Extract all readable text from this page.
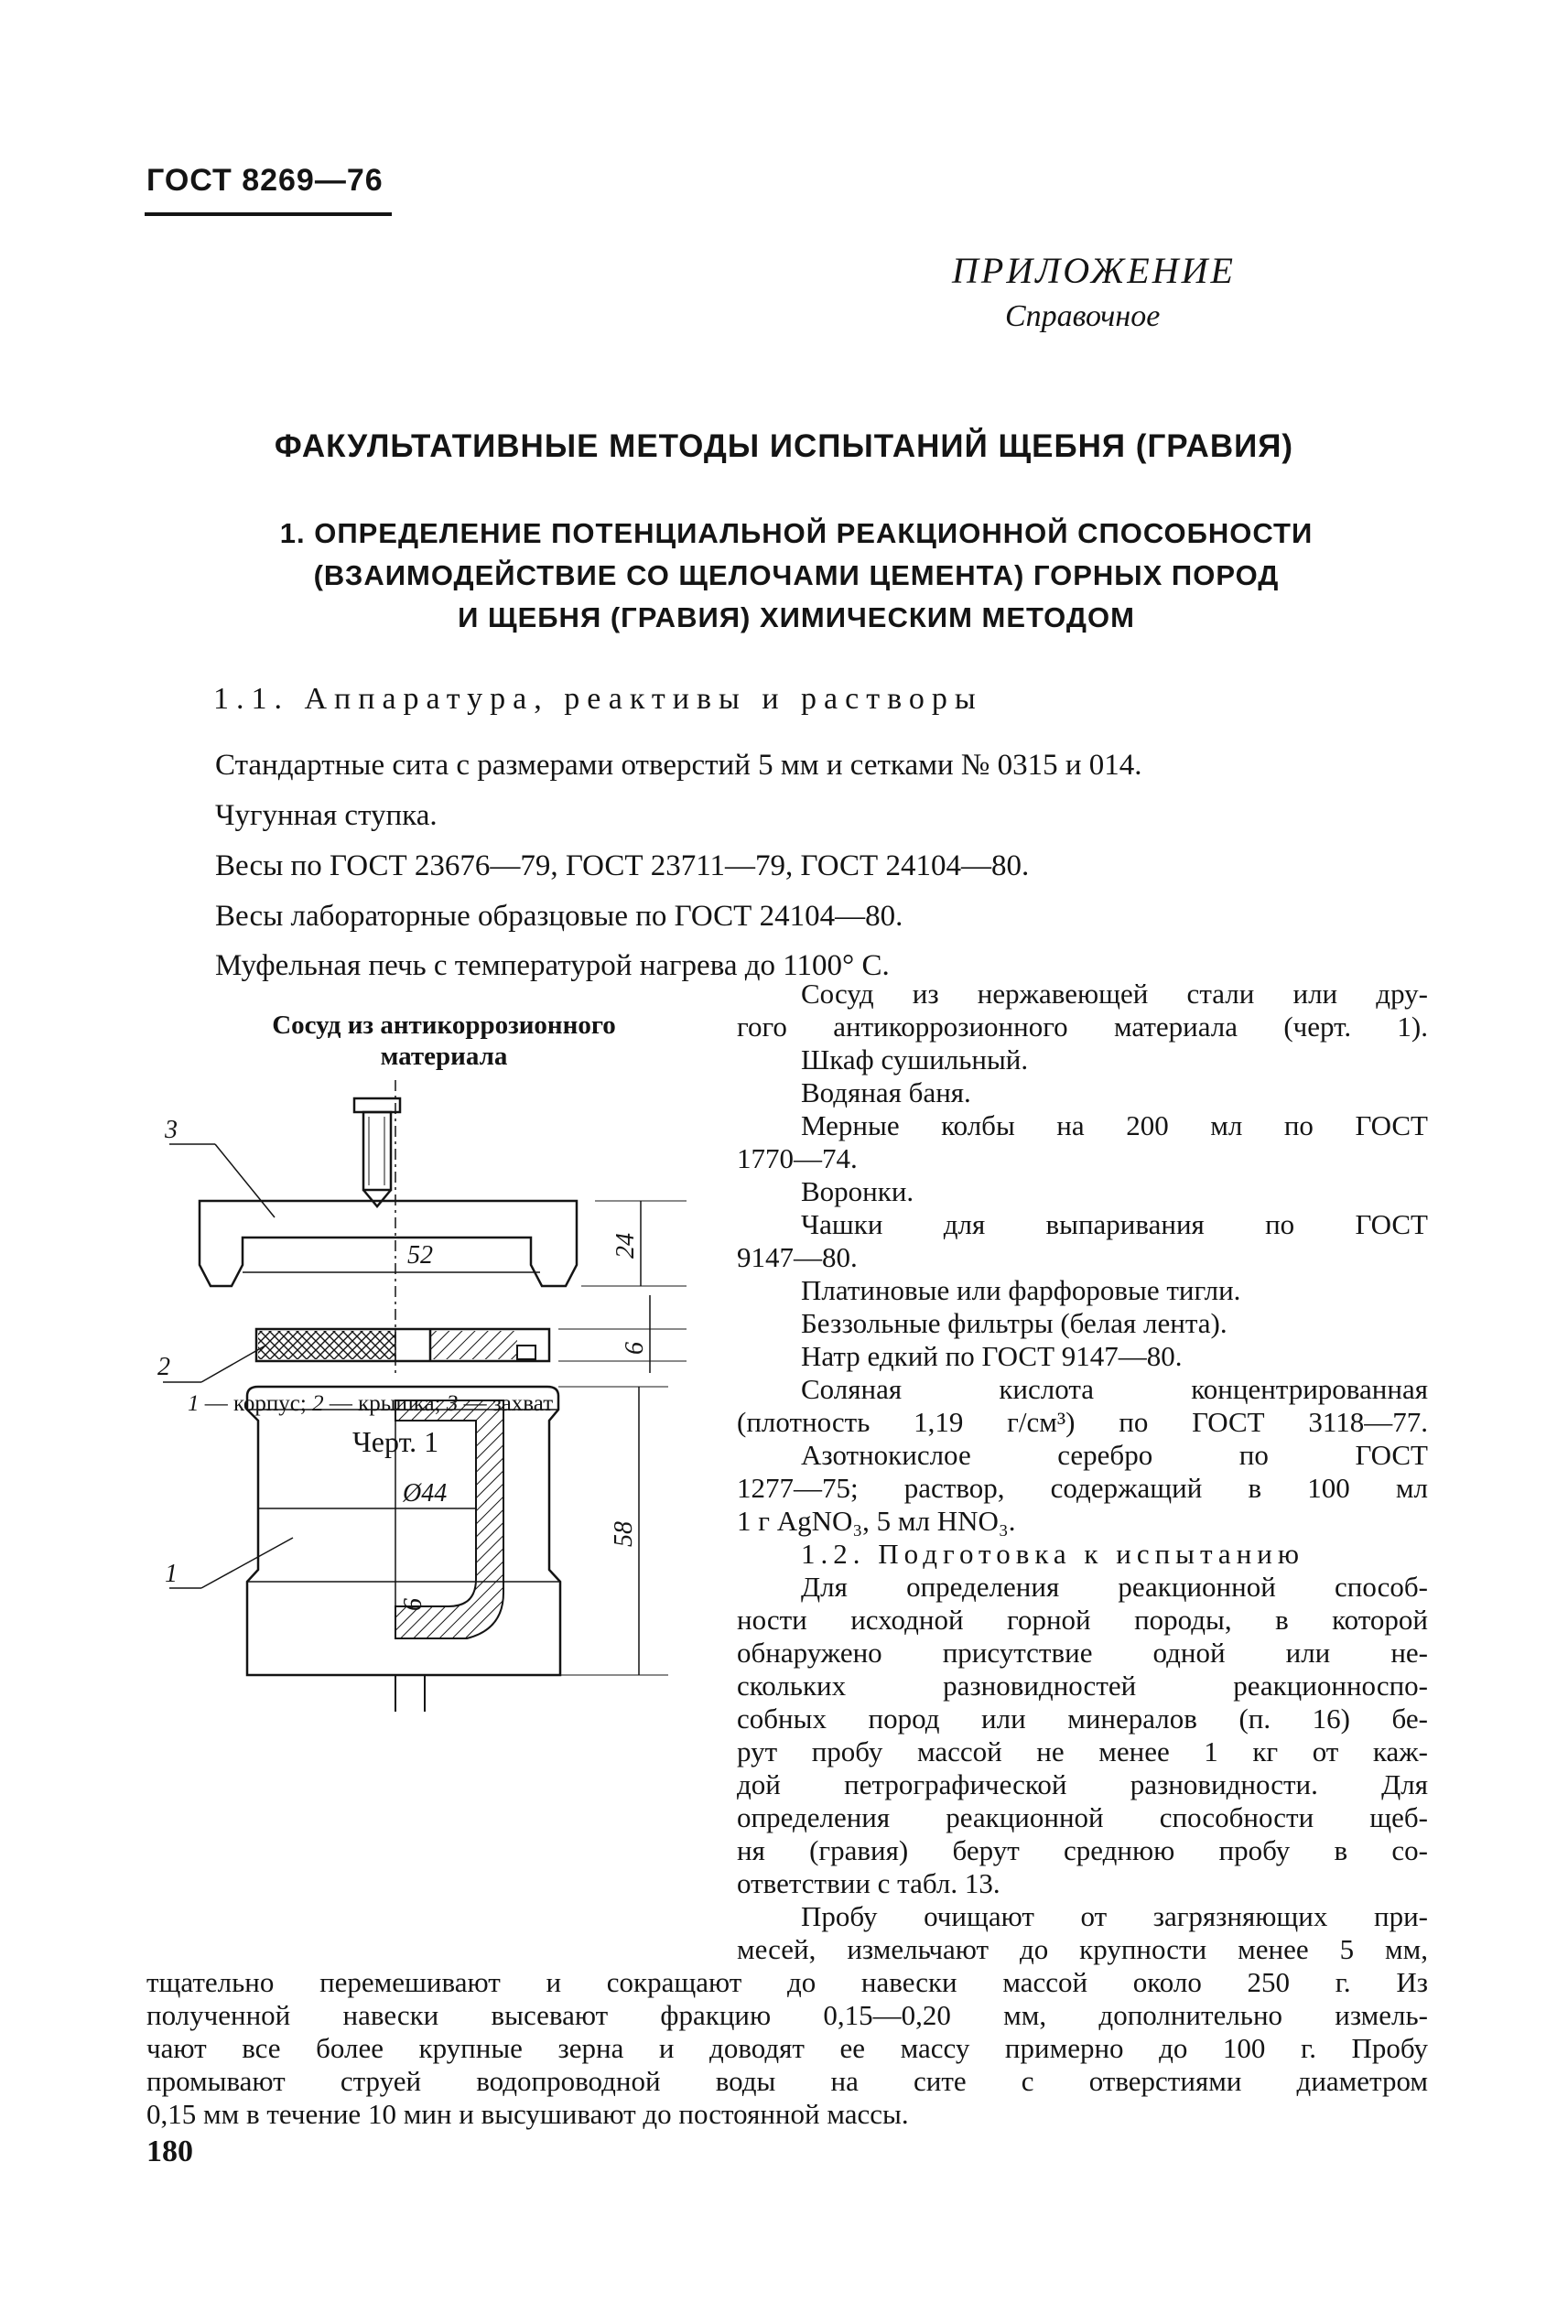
ГОСТ 8269—76
ПРИЛОЖЕНИЕ
Справочное
ФАКУЛЬТАТИВНЫЕ МЕТОДЫ ИСПЫТАНИЙ ЩЕБНЯ (ГРАВИЯ)
1. ОПРЕДЕЛЕНИЕ ПОТЕНЦИАЛЬНОЙ РЕАКЦИОННОЙ СПОСОБНОСТИ
(ВЗАИМОДЕЙСТВИЕ СО ЩЕЛОЧАМИ ЦЕМЕНТА) ГОРНЫХ ПОРОД
И ЩЕБНЯ (ГРАВИЯ) ХИМИЧЕСКИМ МЕТОДОМ
1.1. Аппаратура, реактивы и растворы
Стандартные сита с размерами отверстий 5 мм и сетками № 0315 и 014.
Чугунная ступка.
Весы по ГОСТ 23676—79, ГОСТ 23711—79, ГОСТ 24104—80.
Весы лабораторные образцовые по ГОСТ 24104—80.
Муфельная печь с температурой нагрева до 1100° С.
Сосуд из антикоррозионного
материала
3
2
52	24
6
Ø44
58
6
1
1 — корпус; 2 — крышка; 3 — захват
Черт. 1
Сосуд из нержавеющей стали или дру-
гого антикоррозионного материала (черт. 1).
Шкаф сушильный.
Водяная баня.
Мерные колбы на 200 мл по ГОСТ
1770—74.
Воронки.
Чашки для выпаривания по ГОСТ
9147—80.
Платиновые или фарфоровые тигли.
Беззольные фильтры (белая лента).
Натр едкий по ГОСТ 9147—80.
Соляная кислота концентрированная
(плотность 1,19 г/см³) по ГОСТ 3118—77.
Азотнокислое серебро по ГОСТ
1277—75; раствор, содержащий в 100 мл
1 г AgNO₃, 5 мл HNO₃.
1.2. Подготовка к испытанию
Для определения реакционной способ-
ности исходной горной породы, в которой
обнаружено присутствие одной или не-
скольких разновидностей реакционноспо-
собных пород или минералов (п. 16) бе-
рут пробу массой не менее 1 кг от каж-
дой петрографической разновидности. Для
определения реакционной способности щеб-
ня (гравия) берут среднюю пробу в со-
ответствии с табл. 13.
Пробу очищают от загрязняющих при-
месей, измельчают до крупности менее 5 мм,
тщательно перемешивают и сокращают до навески массой около 250 г. Из
полученной навески высевают фракцию 0,15—0,20 мм, дополнительно измель-
чают все более крупные зерна и доводят ее массу примерно до 100 г. Пробу
промывают струей водопроводной воды на сите с отверстиями диаметром
0,15 мм в течение 10 мин и высушивают до постоянной массы.
180
